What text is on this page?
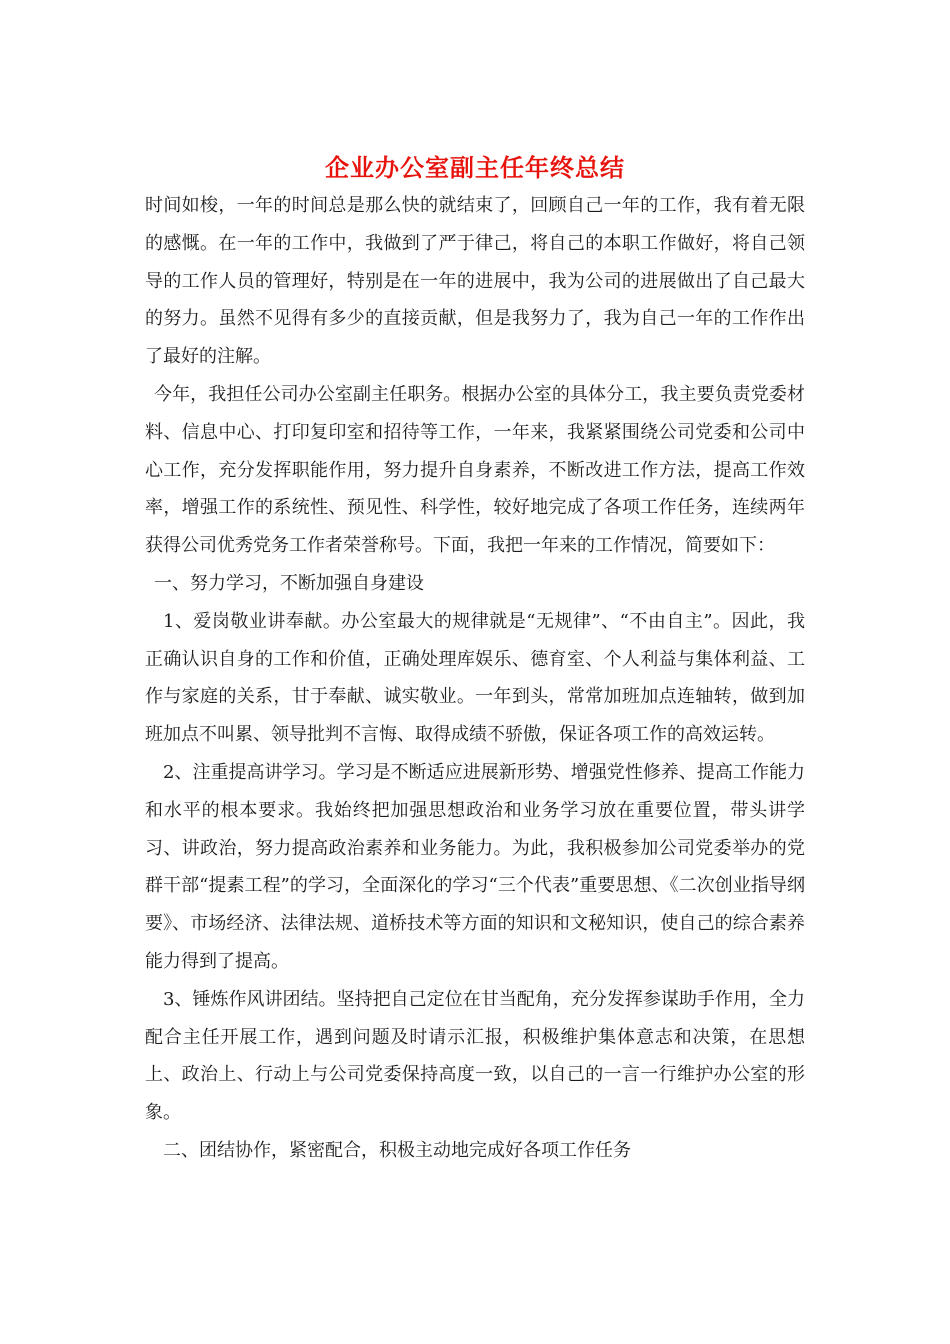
企业办公室副主任年终总结

时间如梭，一年的时间总是那么快的就结束了，回顾自己一年的工作，我有着无限的感慨。在一年的工作中，我做到了严于律己，将自己的本职工作做好，将自己领导的工作人员的管理好，特别是在一年的进展中，我为公司的进展做出了自己最大的努力。虽然不见得有多少的直接贡献，但是我努力了，我为自己一年的工作作出了最好的注解。

今年，我担任公司办公室副主任职务。根据办公室的具体分工，我主要负责党委材料、信息中心、打印复印室和招待等工作，一年来，我紧紧围绕公司党委和公司中心工作，充分发挥职能作用，努力提升自身素养，不断改进工作方法，提高工作效率，增强工作的系统性、预见性、科学性，较好地完成了各项工作任务，连续两年获得公司优秀党务工作者荣誉称号。下面，我把一年来的工作情况，简要如下：

一、努力学习，不断加强自身建设

1、爱岗敬业讲奉献。办公室最大的规律就是“无规律”、“不由自主”。因此，我正确认识自身的工作和价值，正确处理库娱乐、德育室、个人利益与集体利益、工作与家庭的关系，甘于奉献、诚实敬业。一年到头，常常加班加点连轴转，做到加班加点不叫累、领导批判不言悔、取得成绩不骄傲，保证各项工作的高效运转。

2、注重提高讲学习。学习是不断适应进展新形势、增强党性修养、提高工作能力和水平的根本要求。我始终把加强思想政治和业务学习放在重要位置，带头讲学习、讲政治，努力提高政治素养和业务能力。为此，我积极参加公司党委举办的党群干部“提素工程”的学习，全面深化的学习“三个代表”重要思想、《二次创业指导纲要》、市场经济、法律法规、道桥技术等方面的知识和文秘知识，使自己的综合素养能力得到了提高。

3、锤炼作风讲团结。坚持把自己定位在甘当配角，充分发挥参谋助手作用，全力配合主任开展工作，遇到问题及时请示汇报，积极维护集体意志和决策，在思想上、政治上、行动上与公司党委保持高度一致，以自己的一言一行维护办公室的形象。

二、团结协作，紧密配合，积极主动地完成好各项工作任务
